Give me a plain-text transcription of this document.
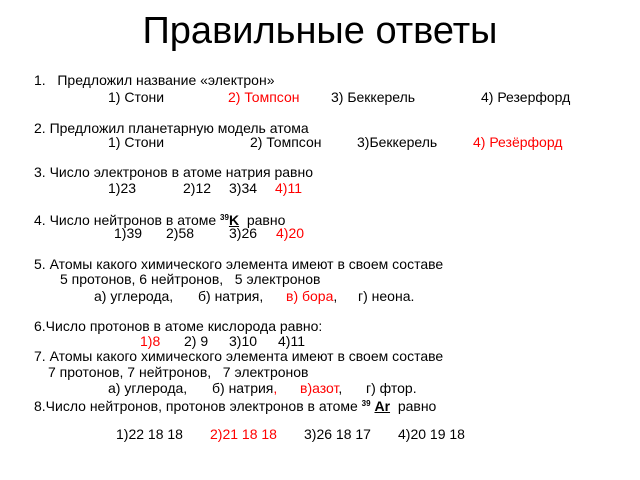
Правильные ответы
1. Предложил название «электрон»
1) Стони	2) Томпсон 3) Беккерель	4) Резерфорд
2. Предложил планетарную модель атома
1) Стони	2) Томпсон	3)Беккерель	4) Резёрфорд
3. Число электронов в атоме натрия равно
1)23	2)12 3)34 4)11
4. Число нейтронов в атоме $^{39}$K равно
1)39 2)58 3)26 4)20
5. Атомы какого химического элемента имеют в своем составе
5 протонов, 6 нейтронов,   5 электронов
а) углерода, б) натрия, в) бора, г) неона.
6.Число протонов в атоме кислорода равно:
1)8 2) 9 3)10 4)11
7. Атомы какого химического элемента имеют в своем составе
7 протонов, 7 нейтронов,   7 электронов
а) углерода, б) натрия, в)азот, г) фтор.
8.Число нейтронов, протонов электронов в атоме $^{39}$ Ar равно
1)22 18 18 2)21 18 18 3)26 18 17 4)20 19 18
